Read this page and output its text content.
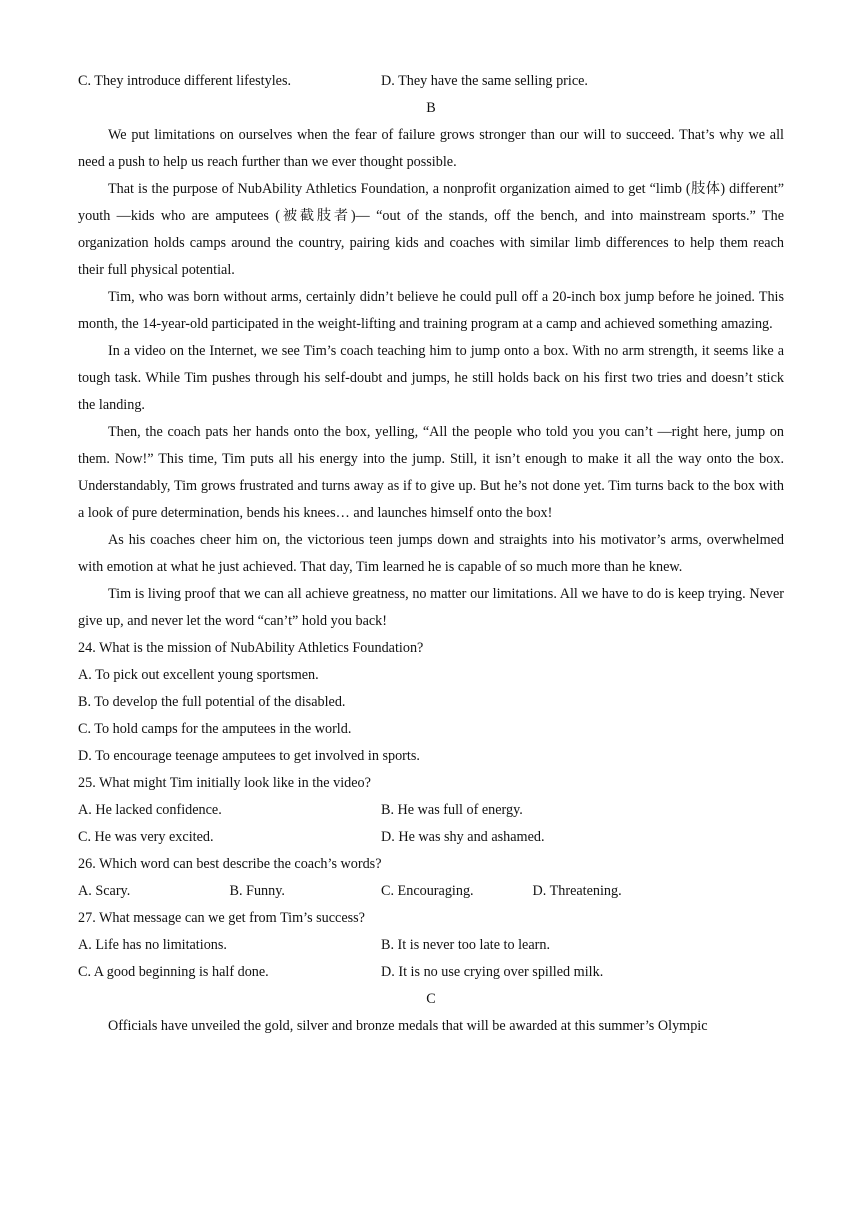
C. They introduce different lifestyles.	D. They have the same selling price.
B

We put limitations on ourselves when the fear of failure grows stronger than our will to succeed. That’s why we all need a push to help us reach further than we ever thought possible.

That is the purpose of NubAbility Athletics Foundation, a nonprofit organization aimed to get “limb (肢体) different” youth —kids who are amputees (被截肢者)— “out of the stands, off the bench, and into mainstream sports.” The organization holds camps around the country, pairing kids and coaches with similar limb differences to help them reach their full physical potential.

Tim, who was born without arms, certainly didn’t believe he could pull off a 20-inch box jump before he joined. This month, the 14-year-old participated in the weight-lifting and training program at a camp and achieved something amazing.

In a video on the Internet, we see Tim’s coach teaching him to jump onto a box. With no arm strength, it seems like a tough task. While Tim pushes through his self-doubt and jumps, he still holds back on his first two tries and doesn’t stick the landing.

Then, the coach pats her hands onto the box, yelling, “All the people who told you you can’t —right here, jump on them. Now!” This time, Tim puts all his energy into the jump. Still, it isn’t enough to make it all the way onto the box. Understandably, Tim grows frustrated and turns away as if to give up. But he’s not done yet. Tim turns back to the box with a look of pure determination, bends his knees… and launches himself onto the box!

As his coaches cheer him on, the victorious teen jumps down and straights into his motivator’s arms, overwhelmed with emotion at what he just achieved. That day, Tim learned he is capable of so much more than he knew.

Tim is living proof that we can all achieve greatness, no matter our limitations. All we have to do is keep trying. Never give up, and never let the word “can’t” hold you back!

24. What is the mission of NubAbility Athletics Foundation?
A. To pick out excellent young sportsmen.
B. To develop the full potential of the disabled.
C. To hold camps for the amputees in the world.
D. To encourage teenage amputees to get involved in sports.
25. What might Tim initially look like in the video?
A. He lacked confidence.	B. He was full of energy.
C. He was very excited.	D. He was shy and ashamed.
26. Which word can best describe the coach’s words?
A. Scary.	B. Funny.	C. Encouraging.	D. Threatening.
27. What message can we get from Tim’s success?
A. Life has no limitations.	B. It is never too late to learn.
C. A good beginning is half done.	D. It is no use crying over spilled milk.
C
Officials have unveiled the gold, silver and bronze medals that will be awarded at this summer’s Olympic
